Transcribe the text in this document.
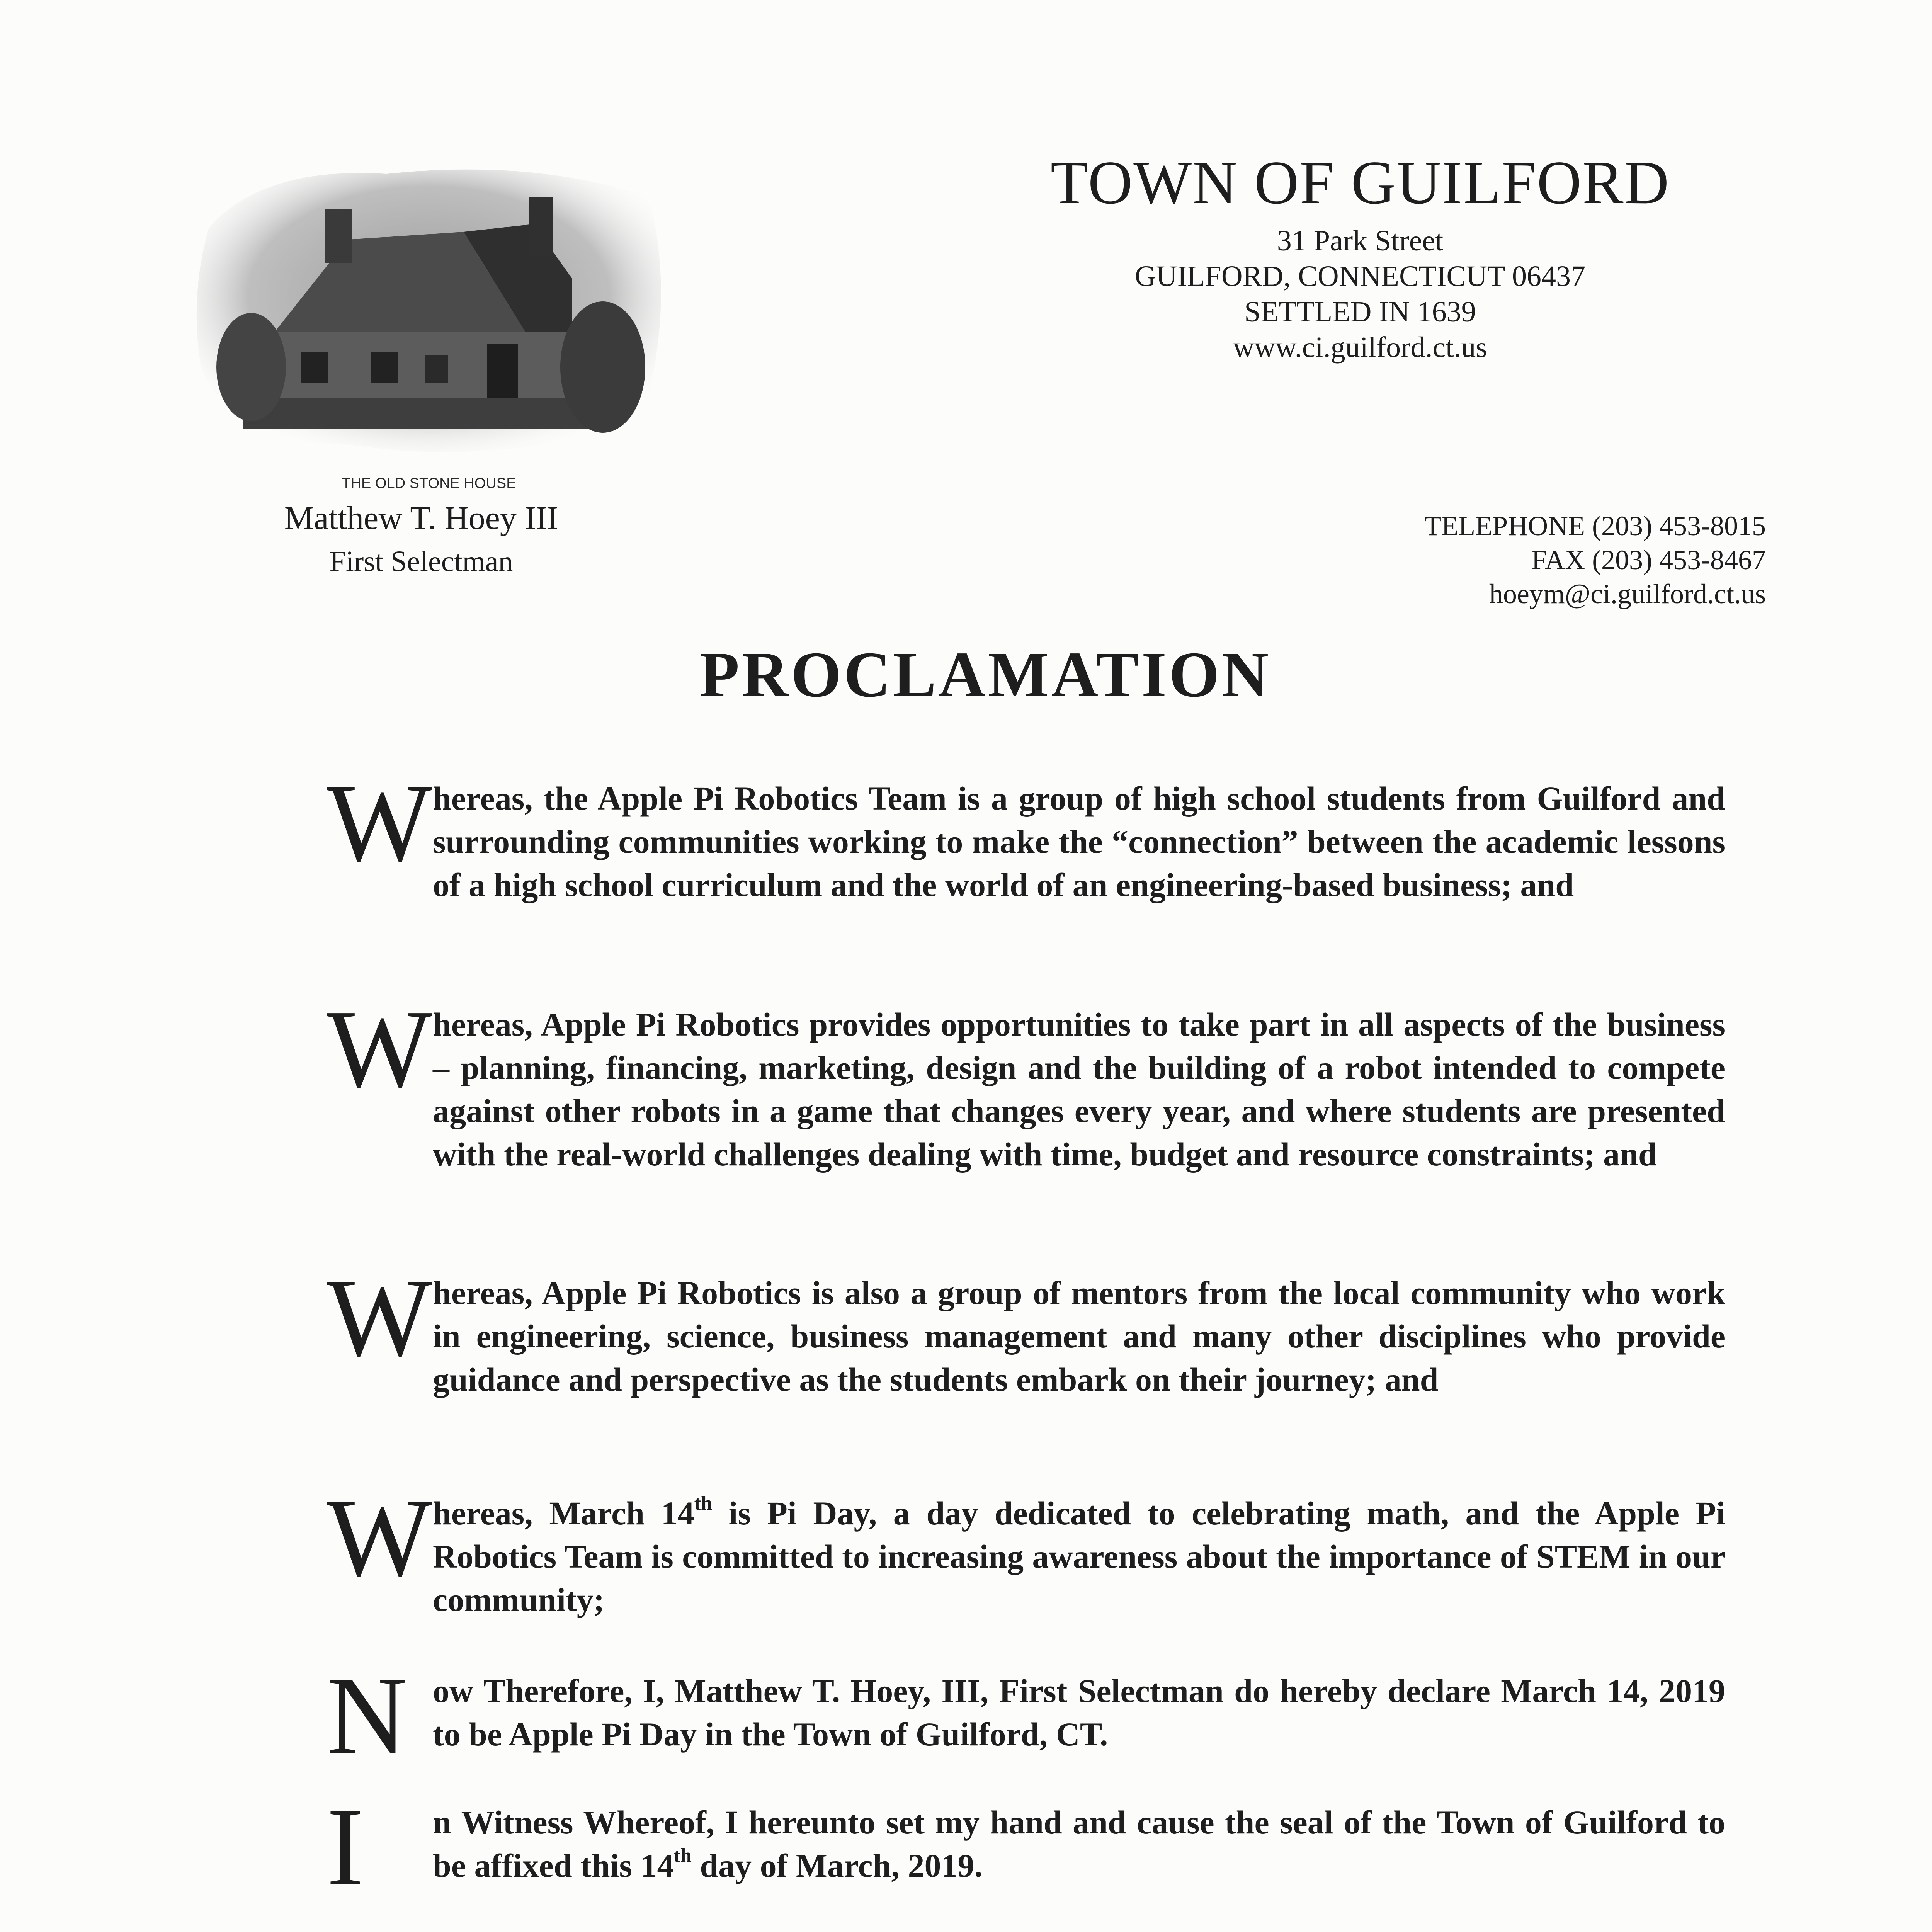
THE OLD STONE HOUSE
Matthew T. Hoey III
First Selectman
TOWN OF GUILFORD
31 Park Street
GUILFORD, CONNECTICUT 06437
SETTLED IN 1639
www.ci.guilford.ct.us
TELEPHONE (203) 453-8015
FAX (203) 453-8467
hoeym@ci.guilford.ct.us
PROCLAMATION
W hereas, the Apple Pi Robotics Team is a group of high school students from Guilford and surrounding communities working to make the “connection” between the academic lessons of a high school curriculum and the world of an engineering-based business; and
W hereas, Apple Pi Robotics provides opportunities to take part in all aspects of the business – planning, financing, marketing, design and the building of a robot intended to compete against other robots in a game that changes every year, and where students are presented with the real-world challenges dealing with time, budget and resource constraints; and
W hereas, Apple Pi Robotics is also a group of mentors from the local community who work in engineering, science, business management and many other disciplines who provide guidance and perspective as the students embark on their journey; and
W hereas, March 14th is Pi Day, a day dedicated to celebrating math, and the Apple Pi Robotics Team is committed to increasing awareness about the importance of STEM in our community;
N ow Therefore, I, Matthew T. Hoey, III, First Selectman do hereby declare March 14, 2019 to be Apple Pi Day in the Town of Guilford, CT.
I n Witness Whereof, I hereunto set my hand and cause the seal of the Town of Guilford to be affixed this 14th day of March, 2019.
